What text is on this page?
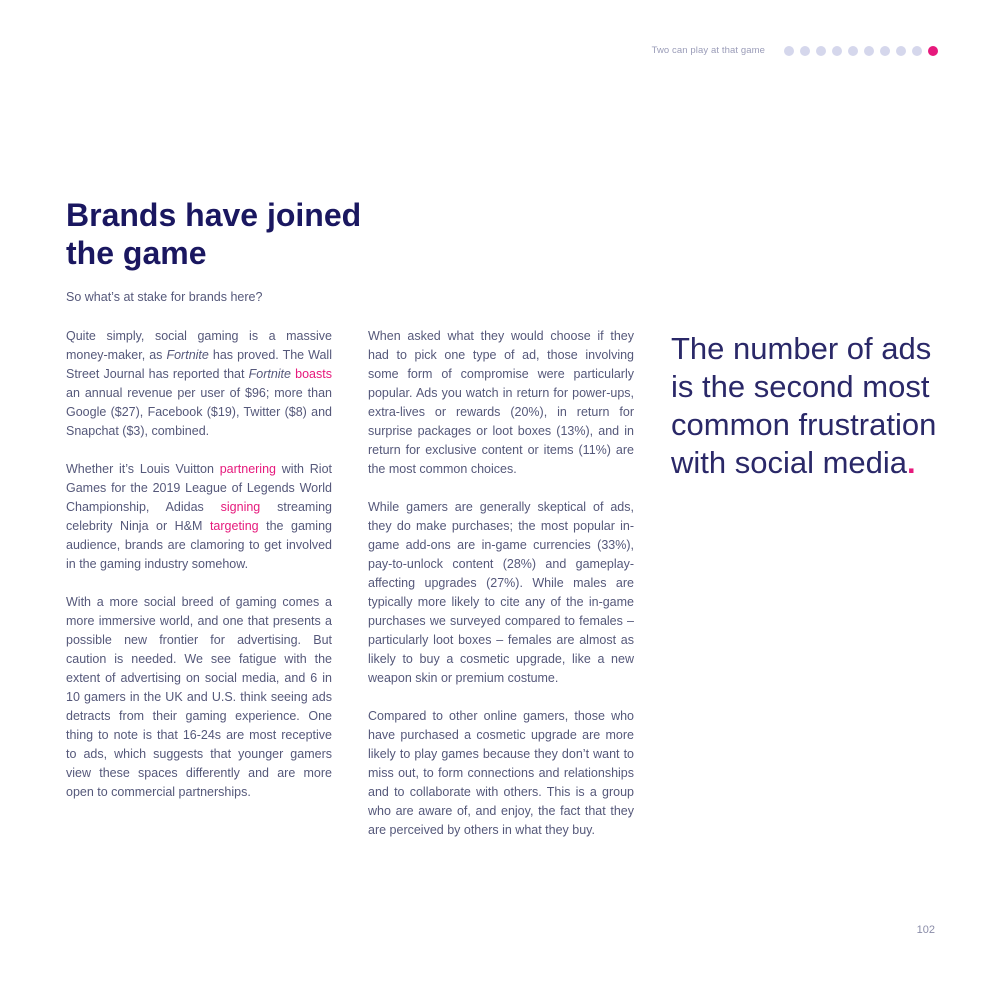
Two can play at that game
Brands have joined the game

So what’s at stake for brands here?

Quite simply, social gaming is a massive money-maker, as Fortnite has proved. The Wall Street Journal has reported that Fortnite boasts an annual revenue per user of $96; more than Google ($27), Facebook ($19), Twitter ($8) and Snapchat ($3), combined.

Whether it’s Louis Vuitton partnering with Riot Games for the 2019 League of Legends World Championship, Adidas signing streaming celebrity Ninja or H&M targeting the gaming audience, brands are clamoring to get involved in the gaming industry somehow.

With a more social breed of gaming comes a more immersive world, and one that presents a possible new frontier for advertising. But caution is needed. We see fatigue with the extent of advertising on social media, and 6 in 10 gamers in the UK and U.S. think seeing ads detracts from their gaming experience. One thing to note is that 16-24s are most receptive to ads, which suggests that younger gamers view these spaces differently and are more open to commercial partnerships.

When asked what they would choose if they had to pick one type of ad, those involving some form of compromise were particularly popular. Ads you watch in return for power-ups, extra-lives or rewards (20%), in return for surprise packages or loot boxes (13%), and in return for exclusive content or items (11%) are the most common choices.

While gamers are generally skeptical of ads, they do make purchases; the most popular in-game add-ons are in-game currencies (33%), pay-to-unlock content (28%) and gameplay-affecting upgrades (27%). While males are typically more likely to cite any of the in-game purchases we surveyed compared to females – particularly loot boxes – females are almost as likely to buy a cosmetic upgrade, like a new weapon skin or premium costume.

Compared to other online gamers, those who have purchased a cosmetic upgrade are more likely to play games because they don’t want to miss out, to form connections and relationships and to collaborate with others. This is a group who are aware of, and enjoy, the fact that they are perceived by others in what they buy.

The number of ads is the second most common frustration with social media.
102
